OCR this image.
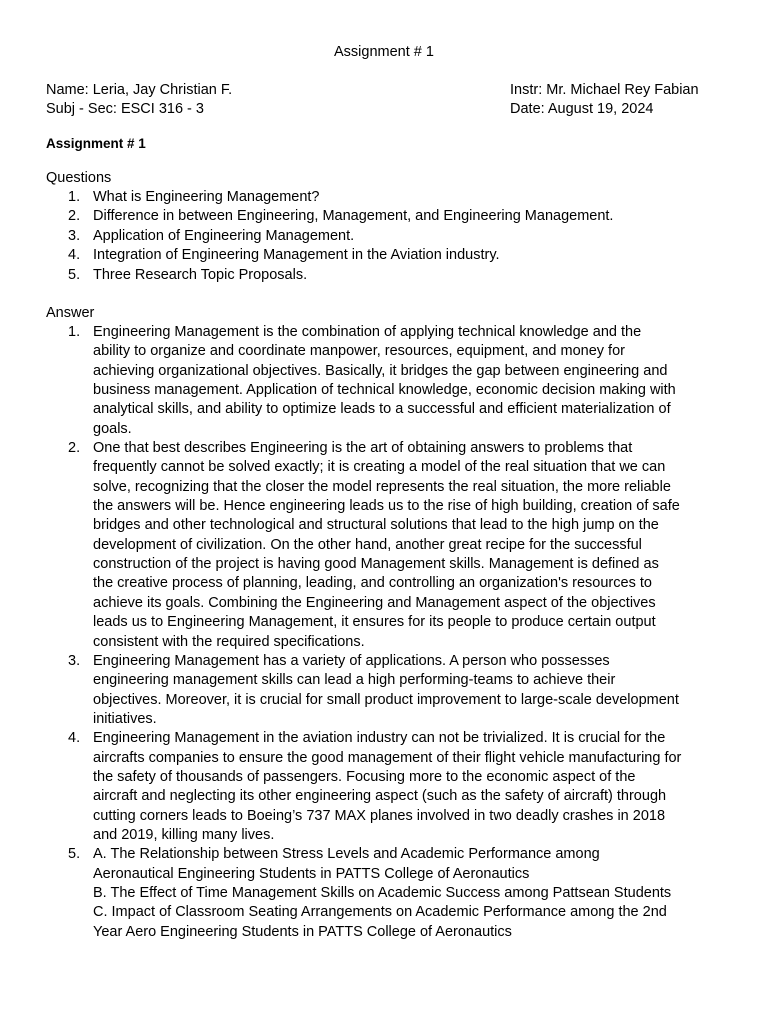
Assignment # 1
Name: Leria, Jay Christian F.
Subj - Sec: ESCI 316 - 3
Instr: Mr. Michael Rey Fabian
Date: August 19, 2024
Assignment # 1
Questions
1. What is Engineering Management?
2. Difference in between Engineering, Management, and Engineering Management.
3. Application of Engineering Management.
4. Integration of Engineering Management in the Aviation industry.
5. Three Research Topic Proposals.
Answer
1. Engineering Management is the combination of applying technical knowledge and the
ability to organize and coordinate manpower, resources, equipment, and money for
achieving organizational objectives. Basically, it bridges the gap between engineering and
business management. Application of technical knowledge, economic decision making with
analytical skills, and ability to optimize leads to a successful and efficient materialization of
goals.
2. One that best describes Engineering is the art of obtaining answers to problems that
frequently cannot be solved exactly; it is creating a model of the real situation that we can
solve, recognizing that the closer the model represents the real situation, the more reliable
the answers will be. Hence engineering leads us to the rise of high building, creation of safe
bridges and other technological and structural solutions that lead to the high jump on the
development of civilization. On the other hand, another great recipe for the successful
construction of the project is having good Management skills. Management is defined as
the creative process of planning, leading, and controlling an organization's resources to
achieve its goals. Combining the Engineering and Management aspect of the objectives
leads us to Engineering Management, it ensures for its people to produce certain output
consistent with the required specifications.
3. Engineering Management has a variety of applications. A person who possesses
engineering management skills can lead a high performing-teams to achieve their
objectives. Moreover, it is crucial for small product improvement to large-scale development
initiatives.
4. Engineering Management in the aviation industry can not be trivialized. It is crucial for the
aircrafts companies to ensure the good management of their flight vehicle manufacturing for
the safety of thousands of passengers. Focusing more to the economic aspect of the
aircraft and neglecting its other engineering aspect (such as the safety of aircraft) through
cutting corners leads to Boeing’s 737 MAX planes involved in two deadly crashes in 2018
and 2019, killing many lives.
5. A. The Relationship between Stress Levels and Academic Performance among
Aeronautical Engineering Students in PATTS College of Aeronautics
B. The Effect of Time Management Skills on Academic Success among Pattsean Students
C. Impact of Classroom Seating Arrangements on Academic Performance among the 2nd
Year Aero Engineering Students in PATTS College of Aeronautics
